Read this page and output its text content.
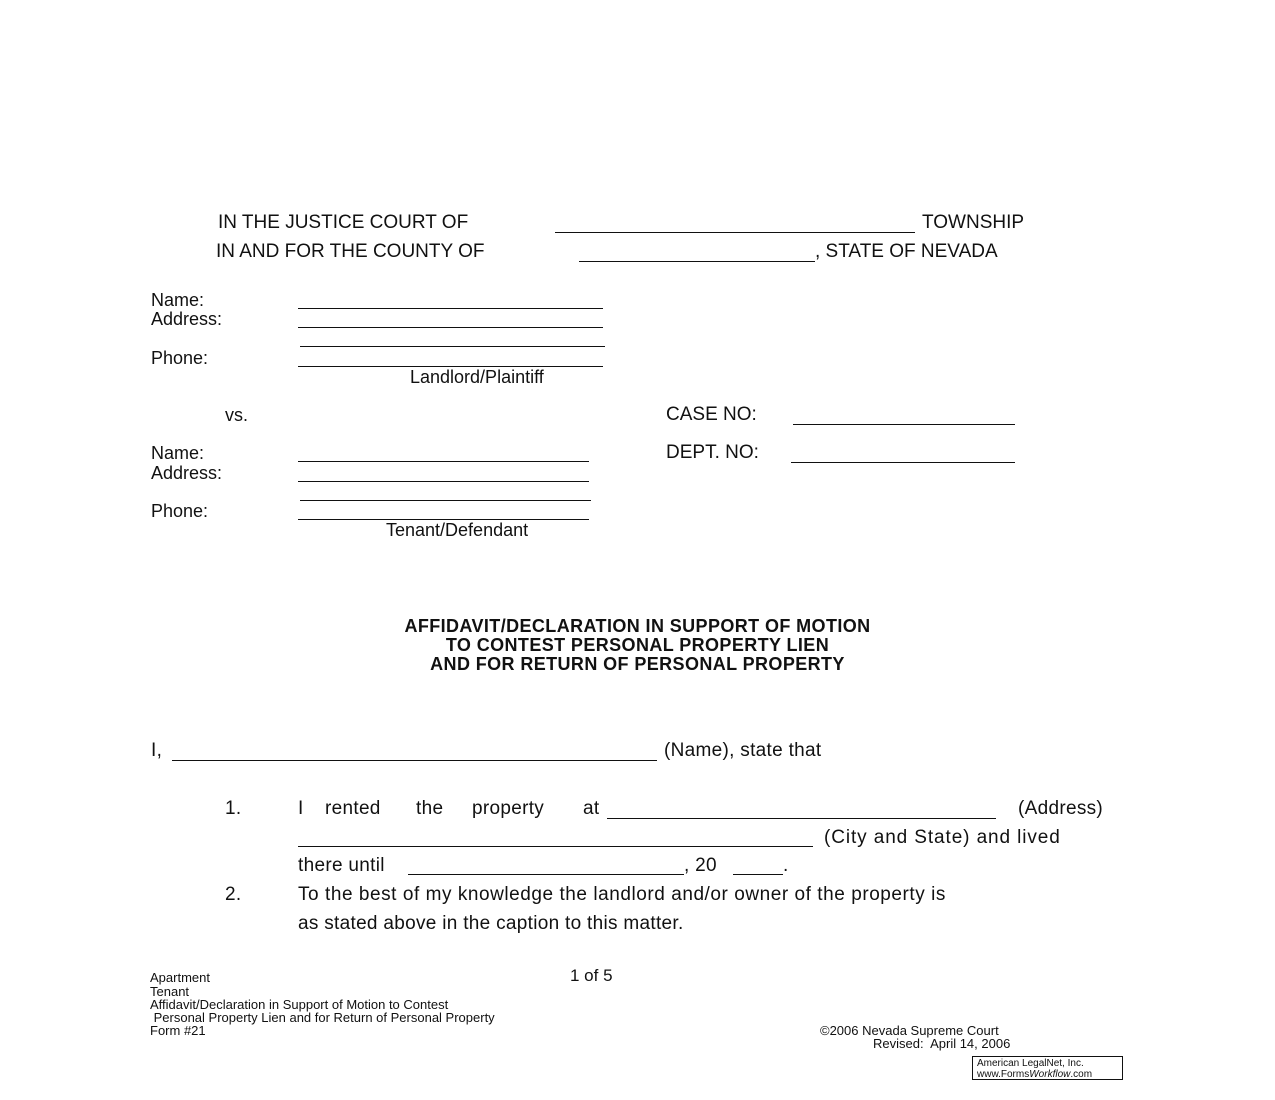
IN THE JUSTICE COURT OF	TOWNSHIP
IN AND FOR THE COUNTY OF	, STATE OF NEVADA
Name:
Address:
Phone:
Landlord/Plaintiff
vs.	CASE NO:
DEPT. NO:
Name:
Address:
Phone:
Tenant/Defendant
AFFIDAVIT/DECLARATION IN SUPPORT OF MOTION
TO CONTEST PERSONAL PROPERTY LIEN
AND FOR RETURN OF PERSONAL PROPERTY
I,	(Name), state that
1.	I rented the property at	(Address)
(City and State) and lived
there until	, 20	.
2.	To the best of my knowledge the landlord and/or owner of the property is
as stated above in the caption to this matter.
Apartment
Tenant
Affidavit/Declaration in Support of Motion to Contest
Personal Property Lien and for Return of Personal Property
Form #21
1 of 5
©2006 Nevada Supreme Court
Revised:  April 14, 2006
American LegalNet, Inc.
www.FormsWorkflow.com
